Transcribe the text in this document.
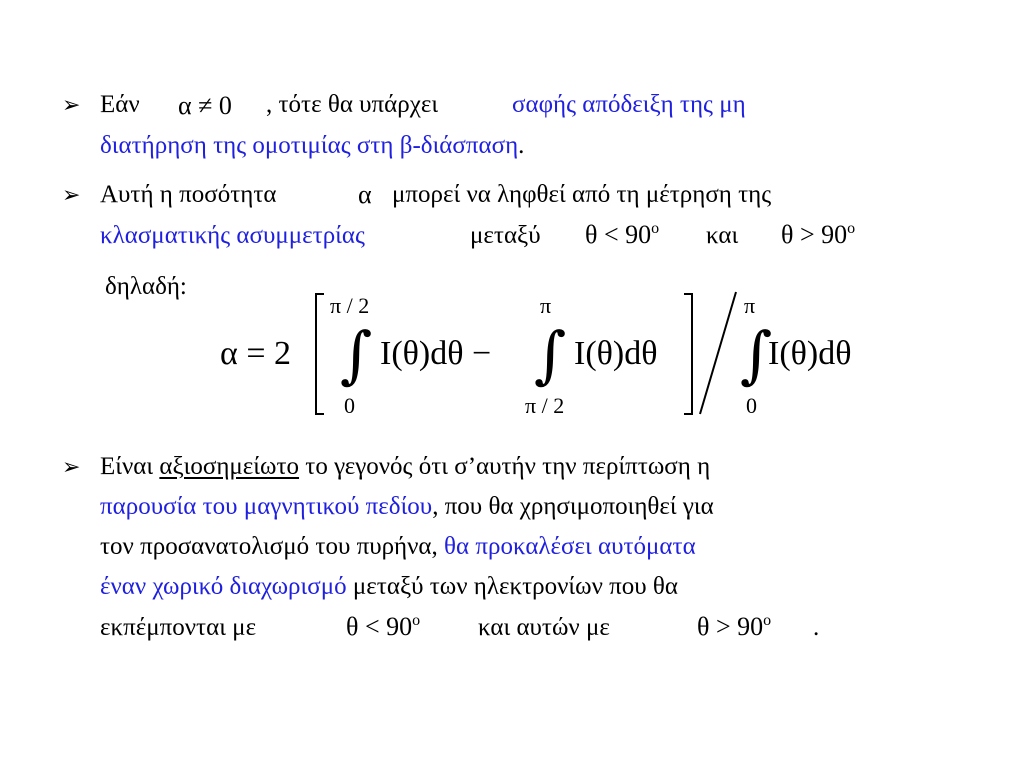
➢ Εάν α ≠ 0 , τότε θα υπάρχει	σαφής απόδειξη της μη
διατήρηση της ομοτιμίας στη β-διάσπαση.
➢ Αυτή η ποσότητα	α μπορεί να ληφθεί από τη μέτρηση της
κλασματικής ασυμμετρίας	μεταξύ $\theta < 90^o$ και $\theta > 90^o$
δηλαδή:
α = 2
π / 2
∫
0
I(θ)dθ −
π
∫
π / 2
I(θ)dθ
π
∫
0
I(θ)dθ
➢ Είναι αξιοσημείωτο το γεγονός ότι σ’αυτήν την περίπτωση η
παρουσία του μαγνητικού πεδίου, που θα χρησιμοποιηθεί για
τον προσανατολισμό του πυρήνα, θα προκαλέσει αυτόματα
έναν χωρικό διαχωρισμό μεταξύ των ηλεκτρονίων που θα
εκπέμπονται με	$\theta < 90^o$ και αυτών με	$\theta > 90^o$ .
